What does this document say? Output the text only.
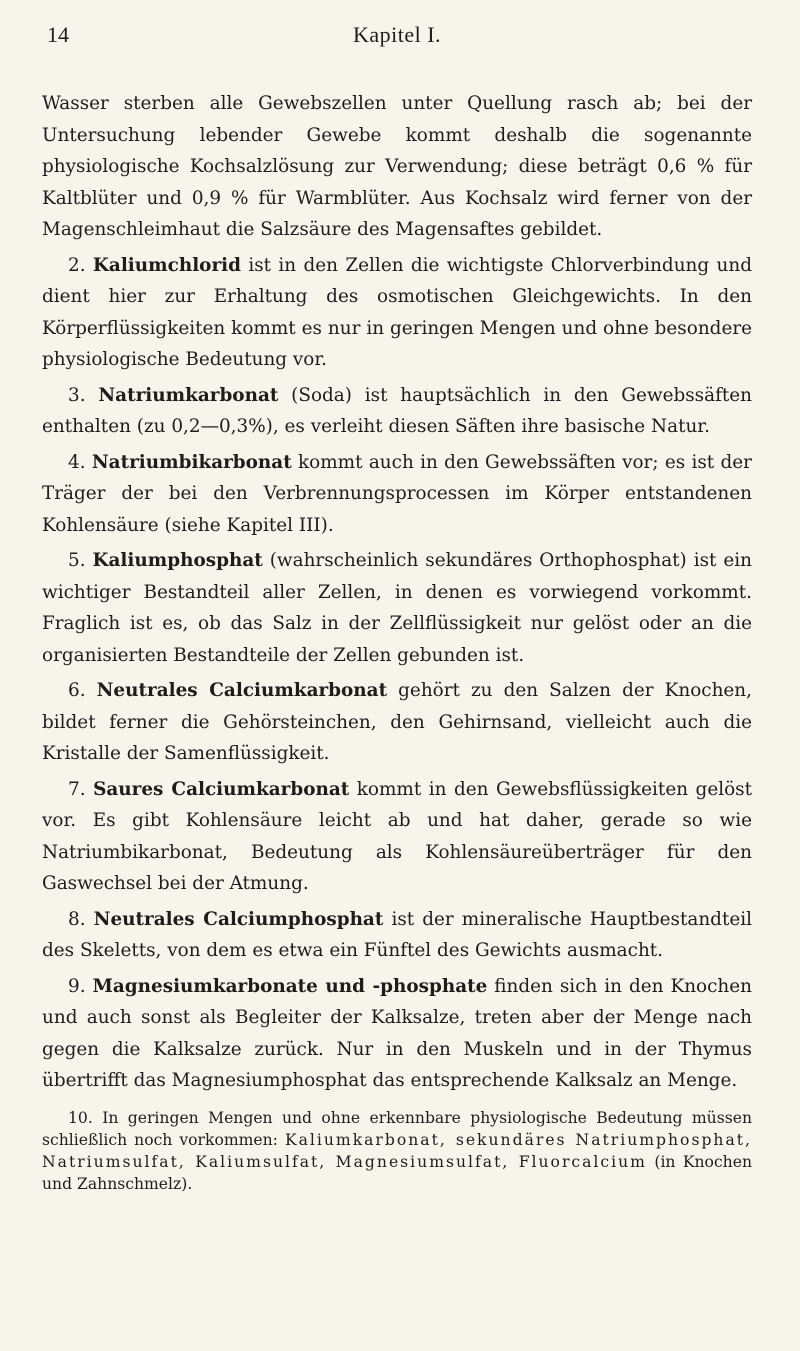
14	Kapitel I.

Wasser sterben alle Gewebszellen unter Quellung rasch ab; bei der Untersuchung lebender Gewebe kommt deshalb die sogenannte physiologische Kochsalzlösung zur Verwendung; diese beträgt 0,6 % für Kaltblüter und 0,9 % für Warmblüter. Aus Kochsalz wird ferner von der Magenschleimhaut die Salzsäure des Magensaftes gebildet.

2. Kaliumchlorid ist in den Zellen die wichtigste Chlorverbindung und dient hier zur Erhaltung des osmotischen Gleichgewichts. In den Körperflüssigkeiten kommt es nur in geringen Mengen und ohne besondere physiologische Bedeutung vor.

3. Natriumkarbonat (Soda) ist hauptsächlich in den Gewebssäften enthalten (zu 0,2—0,3%), es verleiht diesen Säften ihre basische Natur.

4. Natriumbikarbonat kommt auch in den Gewebssäften vor; es ist der Träger der bei den Verbrennungsprocessen im Körper entstandenen Kohlensäure (siehe Kapitel III).

5. Kaliumphosphat (wahrscheinlich sekundäres Orthophosphat) ist ein wichtiger Bestandteil aller Zellen, in denen es vorwiegend vorkommt. Fraglich ist es, ob das Salz in der Zellflüssigkeit nur gelöst oder an die organisierten Bestandteile der Zellen gebunden ist.

6. Neutrales Calciumkarbonat gehört zu den Salzen der Knochen, bildet ferner die Gehörsteinchen, den Gehirnsand, vielleicht auch die Kristalle der Samenflüssigkeit.

7. Saures Calciumkarbonat kommt in den Gewebsflüssigkeiten gelöst vor. Es gibt Kohlensäure leicht ab und hat daher, gerade so wie Natriumbikarbonat, Bedeutung als Kohlensäureüberträger für den Gaswechsel bei der Atmung.

8. Neutrales Calciumphosphat ist der mineralische Hauptbestandteil des Skeletts, von dem es etwa ein Fünftel des Gewichts ausmacht.

9. Magnesiumkarbonate und -phosphate finden sich in den Knochen und auch sonst als Begleiter der Kalksalze, treten aber der Menge nach gegen die Kalksalze zurück. Nur in den Muskeln und in der Thymus übertrifft das Magnesiumphosphat das entsprechende Kalksalz an Menge.

10. In geringen Mengen und ohne erkennbare physiologische Bedeutung müssen schließlich noch vorkommen: Kaliumkarbonat, sekundäres Natriumphosphat, Natriumsulfat, Kaliumsulfat, Magnesiumsulfat, Fluorcalcium (in Knochen und Zahnschmelz).
